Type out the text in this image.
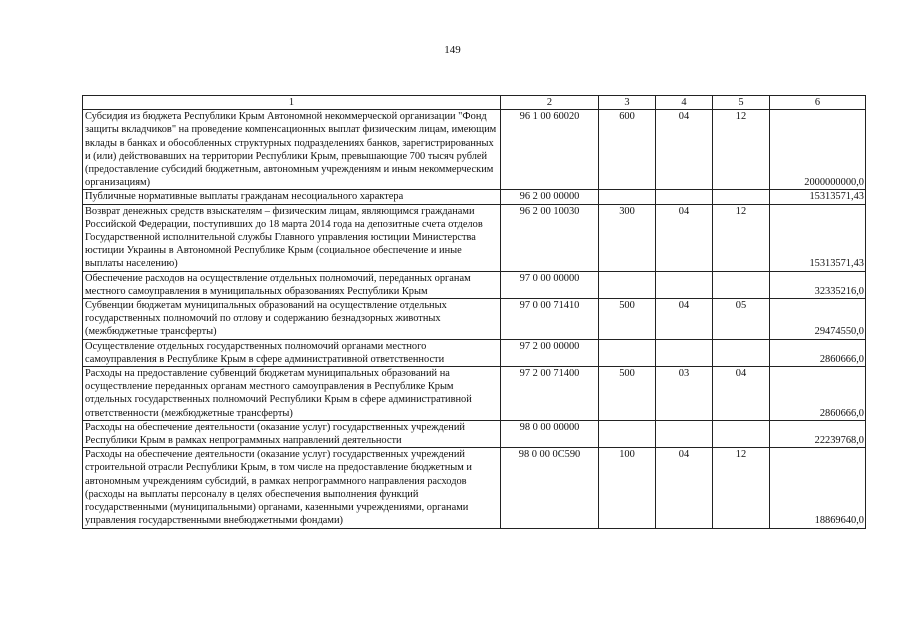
149
1	2	3	4	5	6
Субсидия из бюджета Республики Крым Автономной некоммерческой организации "Фонд защиты вкладчиков" на проведение компенсационных выплат физическим лицам, имеющим вклады в банках и обособленных структурных подразделениях банков, зарегистрированных и (или) действовавших на территории Республики Крым, превышающие 700 тысяч рублей (предоставление субсидий бюджетным, автономным учреждениям и иным некоммерческим организациям)	96 1 00 60020	600	04	12	2000000000,0
Публичные нормативные выплаты гражданам несоциального характера	96 2 00 00000				15313571,43
Возврат денежных средств взыскателям – физическим лицам, являющимся гражданами Российской Федерации, поступивших до 18 марта 2014 года на депозитные счета отделов Государственной исполнительной службы Главного управления юстиции Министерства юстиции Украины в Автономной Республике Крым (социальное обеспечение и иные выплаты населению)	96 2 00 10030	300	04	12	15313571,43
Обеспечение расходов на осуществление отдельных полномочий, переданных органам местного самоуправления в муниципальных образованиях Республики Крым	97 0 00 00000				32335216,0
Субвенции бюджетам муниципальных образований на осуществление отдельных государственных полномочий по отлову и содержанию безнадзорных животных (межбюджетные трансферты)	97 0 00 71410	500	04	05	29474550,0
Осуществление отдельных государственных полномочий органами местного самоуправления в Республике Крым в сфере административной ответственности	97 2 00 00000				2860666,0
Расходы на предоставление субвенций бюджетам муниципальных образований на осуществление переданных органам местного самоуправления в Республике Крым отдельных государственных полномочий Республики Крым в сфере административной ответственности (межбюджетные трансферты)	97 2 00 71400	500	03	04	2860666,0
Расходы на обеспечение деятельности (оказание услуг) государственных учреждений Республики Крым в рамках непрограммных направлений деятельности	98 0 00 00000				22239768,0
Расходы на обеспечение деятельности (оказание услуг) государственных учреждений строительной отрасли Республики Крым, в том числе на предоставление бюджетным и автономным учреждениям субсидий, в рамках непрограммного направления расходов (расходы на выплаты персоналу в целях обеспечения выполнения функций государственными (муниципальными) органами, казенными учреждениями, органами управления государственными внебюджетными фондами)	98 0 00 0С590	100	04	12	18869640,0
